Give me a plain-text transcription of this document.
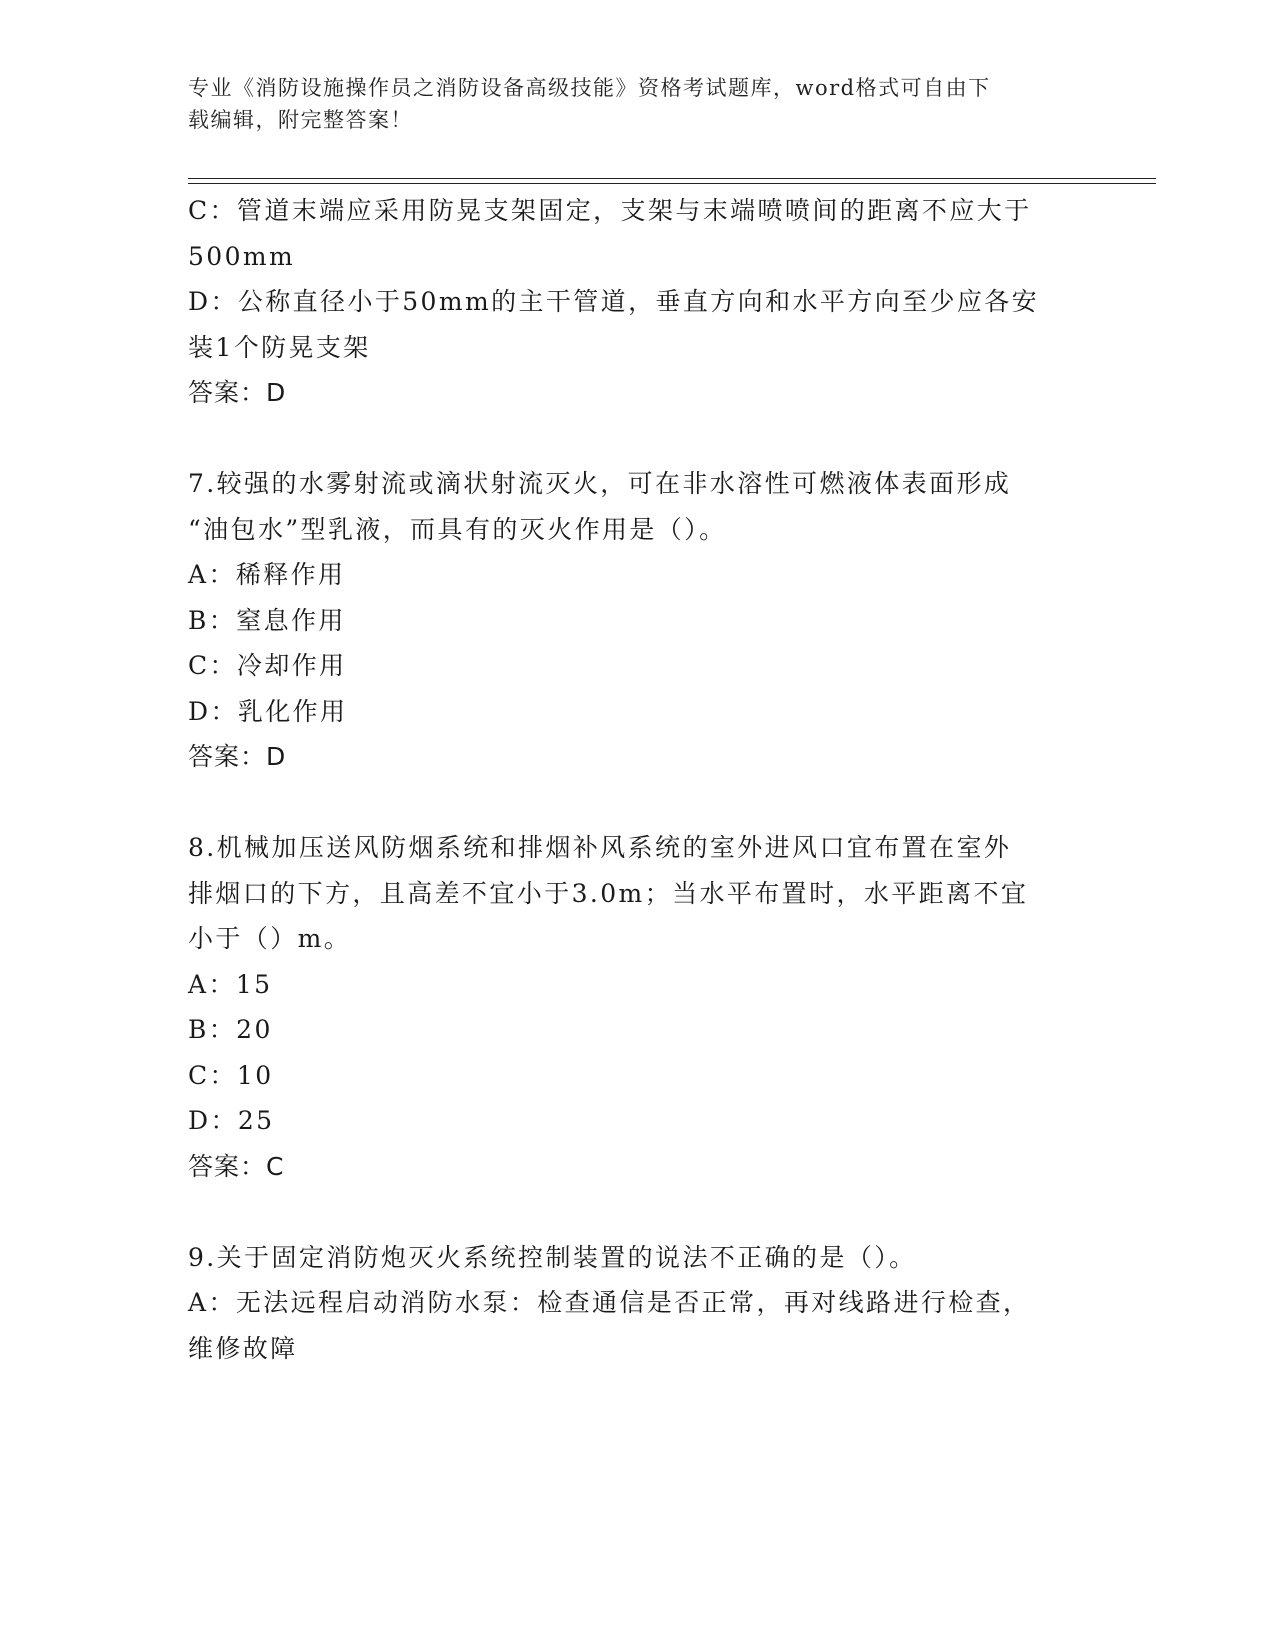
专业《消防设施操作员之消防设备高级技能》资格考试题库，word格式可自由下
载编辑，附完整答案！
C：管道末端应采用防晃支架固定，支架与末端喷喷间的距离不应大于
500mm
D：公称直径小于50mm的主干管道，垂直方向和水平方向至少应各安
装1个防晃支架
答案：D
7.较强的水雾射流或滴状射流灭火，可在非水溶性可燃液体表面形成
“油包水”型乳液，而具有的灭火作用是（）。
A：稀释作用
B：窒息作用
C：冷却作用
D：乳化作用
答案：D
8.机械加压送风防烟系统和排烟补风系统的室外进风口宜布置在室外
排烟口的下方，且高差不宜小于3.0m；当水平布置时，水平距离不宜
小于（）m。
A：15
B：20
C：10
D：25
答案：C
9.关于固定消防炮灭火系统控制装置的说法不正确的是（）。
A：无法远程启动消防水泵：检查通信是否正常，再对线路进行检查，
维修故障
